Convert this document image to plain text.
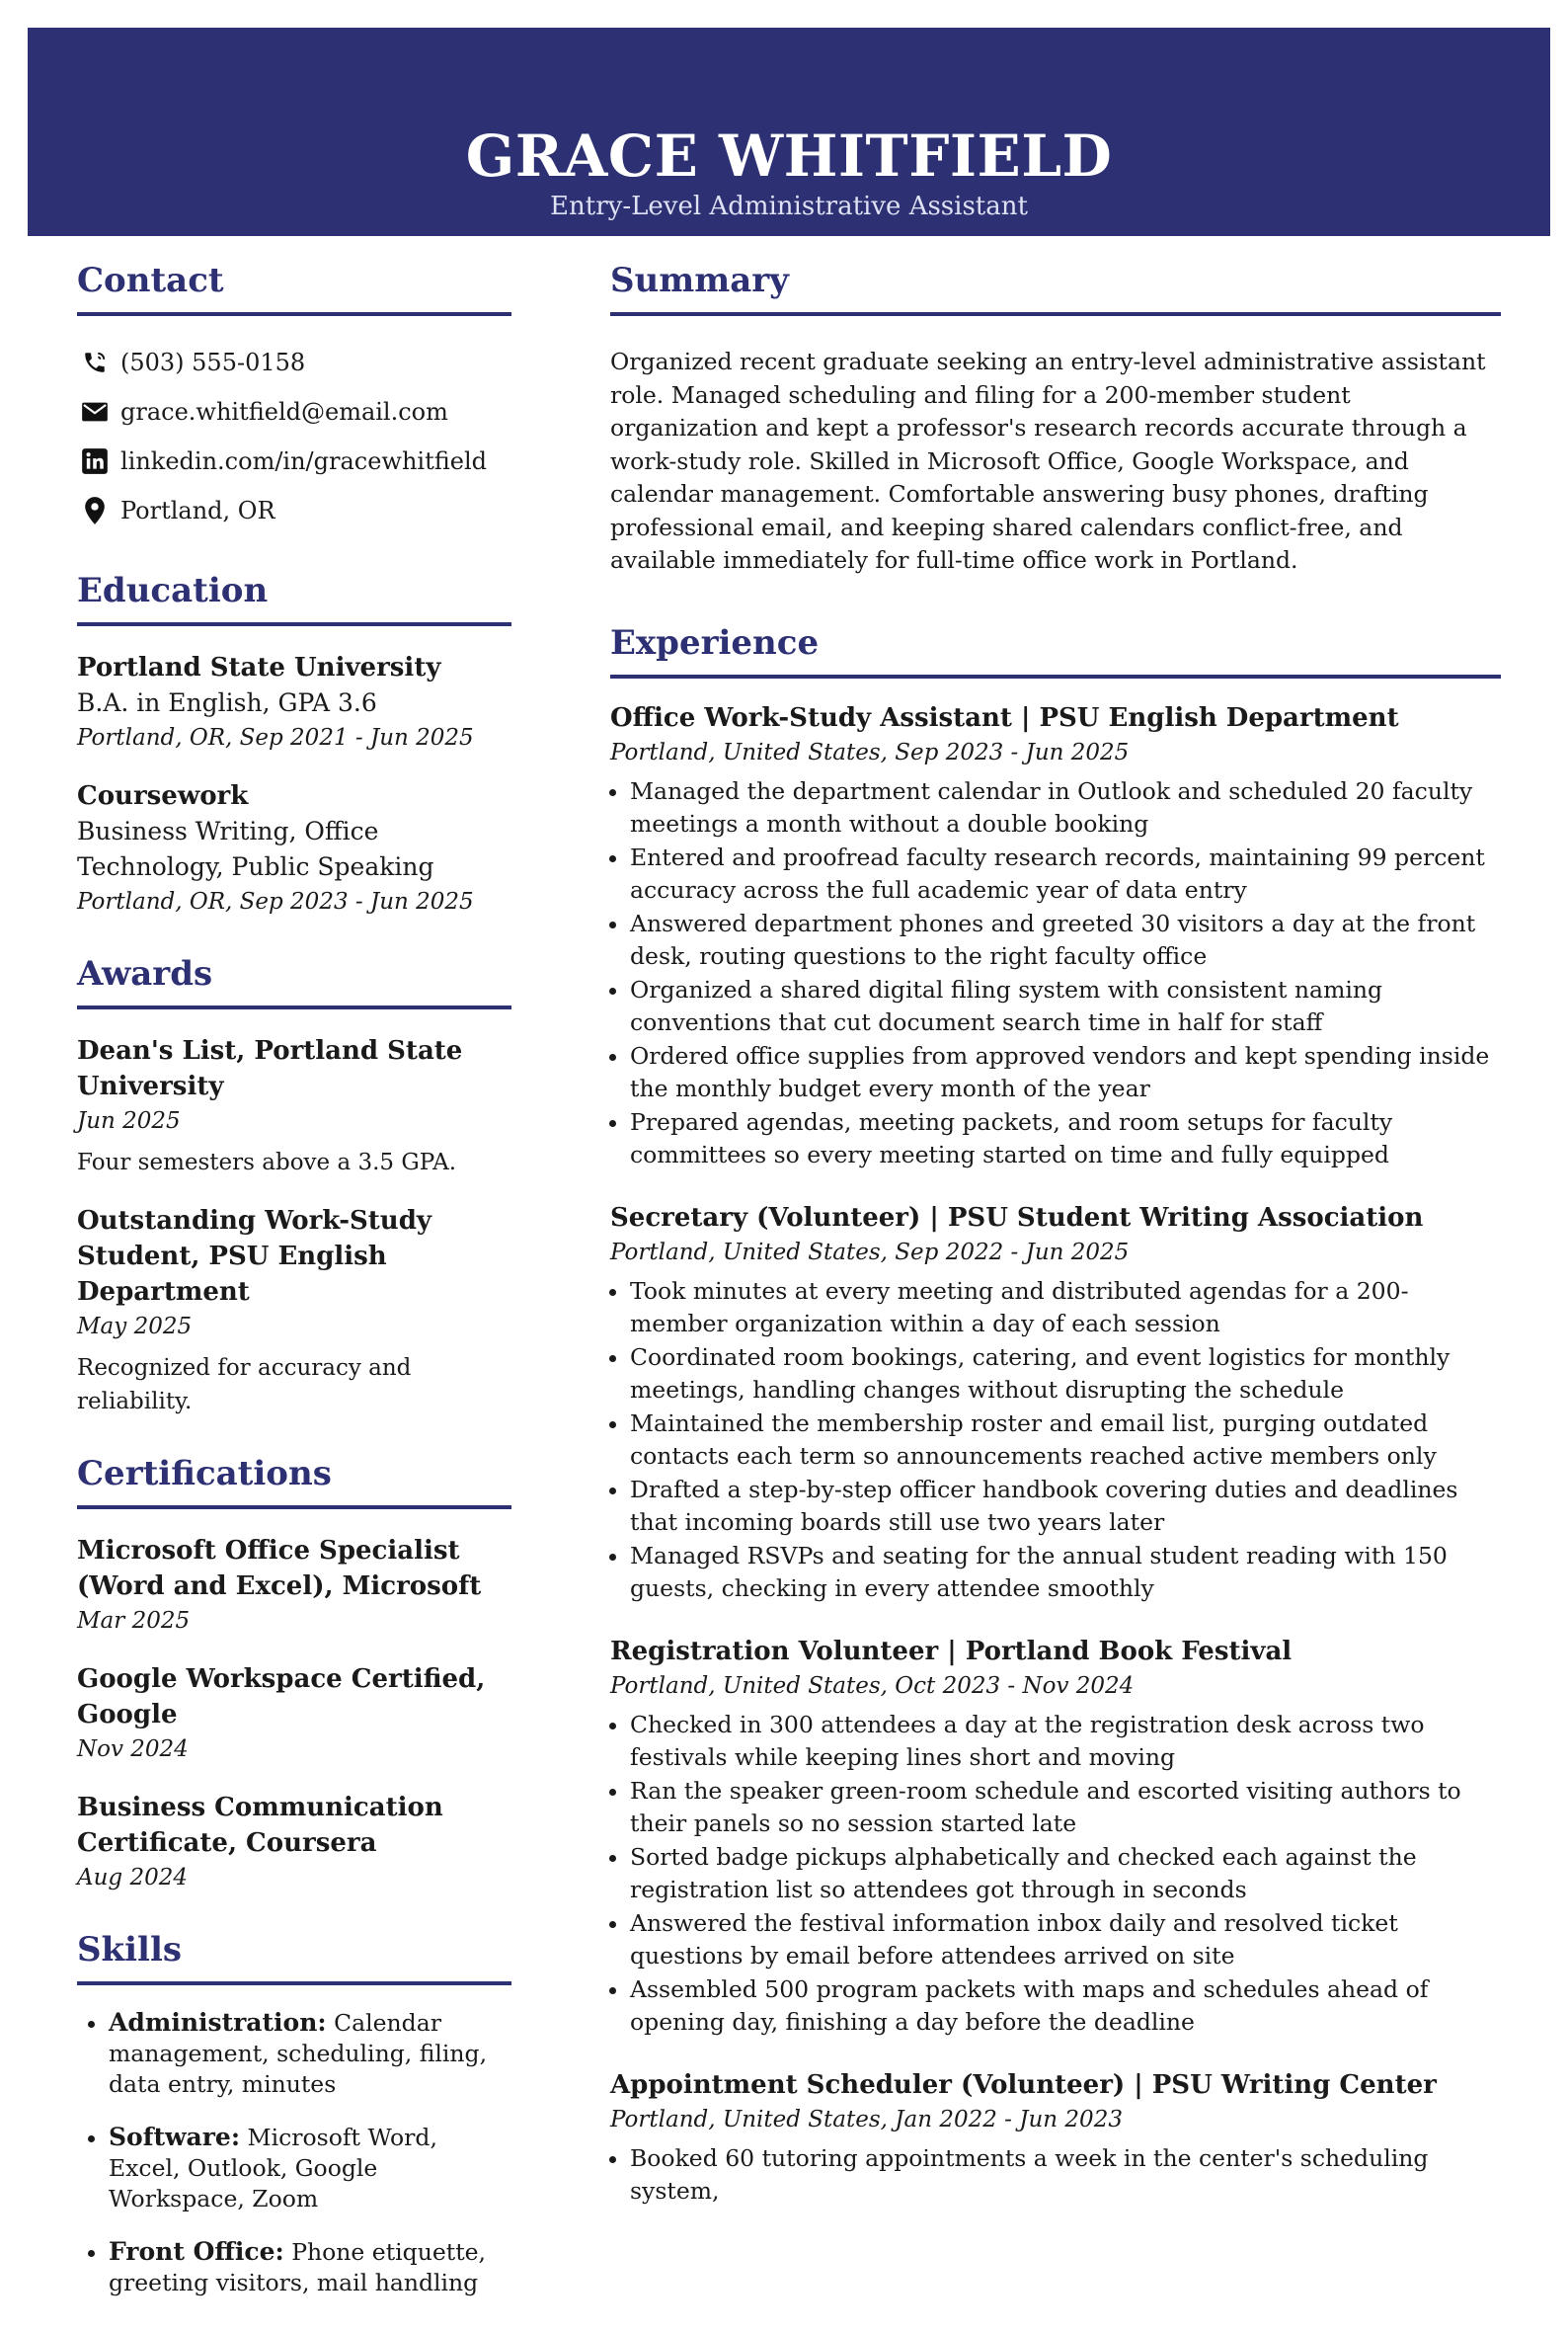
GRACE WHITFIELD
Entry-Level Administrative Assistant
Contact
(503) 555-0158
grace.whitfield@email.com
linkedin.com/in/gracewhitfield
Portland, OR
Education
Portland State University
B.A. in English, GPA 3.6
Portland, OR, Sep 2021 - Jun 2025
Coursework
Business Writing, Office Technology, Public Speaking
Portland, OR, Sep 2023 - Jun 2025
Awards
Dean's List, Portland State University
Jun 2025
Four semesters above a 3.5 GPA.
Outstanding Work-Study Student, PSU English Department
May 2025
Recognized for accuracy and reliability.
Certifications
Microsoft Office Specialist (Word and Excel), Microsoft
Mar 2025
Google Workspace Certified, Google
Nov 2024
Business Communication Certificate, Coursera
Aug 2024
Skills
• Administration: Calendar management, scheduling, filing, data entry, minutes
• Software: Microsoft Word, Excel, Outlook, Google Workspace, Zoom
• Front Office: Phone etiquette, greeting visitors, mail handling
Summary
Organized recent graduate seeking an entry-level administrative assistant role. Managed scheduling and filing for a 200-member student organization and kept a professor's research records accurate through a work-study role. Skilled in Microsoft Office, Google Workspace, and calendar management. Comfortable answering busy phones, drafting professional email, and keeping shared calendars conflict-free, and available immediately for full-time office work in Portland.
Experience
Office Work-Study Assistant | PSU English Department
Portland, United States, Sep 2023 - Jun 2025
• Managed the department calendar in Outlook and scheduled 20 faculty meetings a month without a double booking
• Entered and proofread faculty research records, maintaining 99 percent accuracy across the full academic year of data entry
• Answered department phones and greeted 30 visitors a day at the front desk, routing questions to the right faculty office
• Organized a shared digital filing system with consistent naming conventions that cut document search time in half for staff
• Ordered office supplies from approved vendors and kept spending inside the monthly budget every month of the year
• Prepared agendas, meeting packets, and room setups for faculty committees so every meeting started on time and fully equipped
Secretary (Volunteer) | PSU Student Writing Association
Portland, United States, Sep 2022 - Jun 2025
• Took minutes at every meeting and distributed agendas for a 200-member organization within a day of each session
• Coordinated room bookings, catering, and event logistics for monthly meetings, handling changes without disrupting the schedule
• Maintained the membership roster and email list, purging outdated contacts each term so announcements reached active members only
• Drafted a step-by-step officer handbook covering duties and deadlines that incoming boards still use two years later
• Managed RSVPs and seating for the annual student reading with 150 guests, checking in every attendee smoothly
Registration Volunteer | Portland Book Festival
Portland, United States, Oct 2023 - Nov 2024
• Checked in 300 attendees a day at the registration desk across two festivals while keeping lines short and moving
• Ran the speaker green-room schedule and escorted visiting authors to their panels so no session started late
• Sorted badge pickups alphabetically and checked each against the registration list so attendees got through in seconds
• Answered the festival information inbox daily and resolved ticket questions by email before attendees arrived on site
• Assembled 500 program packets with maps and schedules ahead of opening day, finishing a day before the deadline
Appointment Scheduler (Volunteer) | PSU Writing Center
Portland, United States, Jan 2022 - Jun 2023
• Booked 60 tutoring appointments a week in the center's scheduling system,
